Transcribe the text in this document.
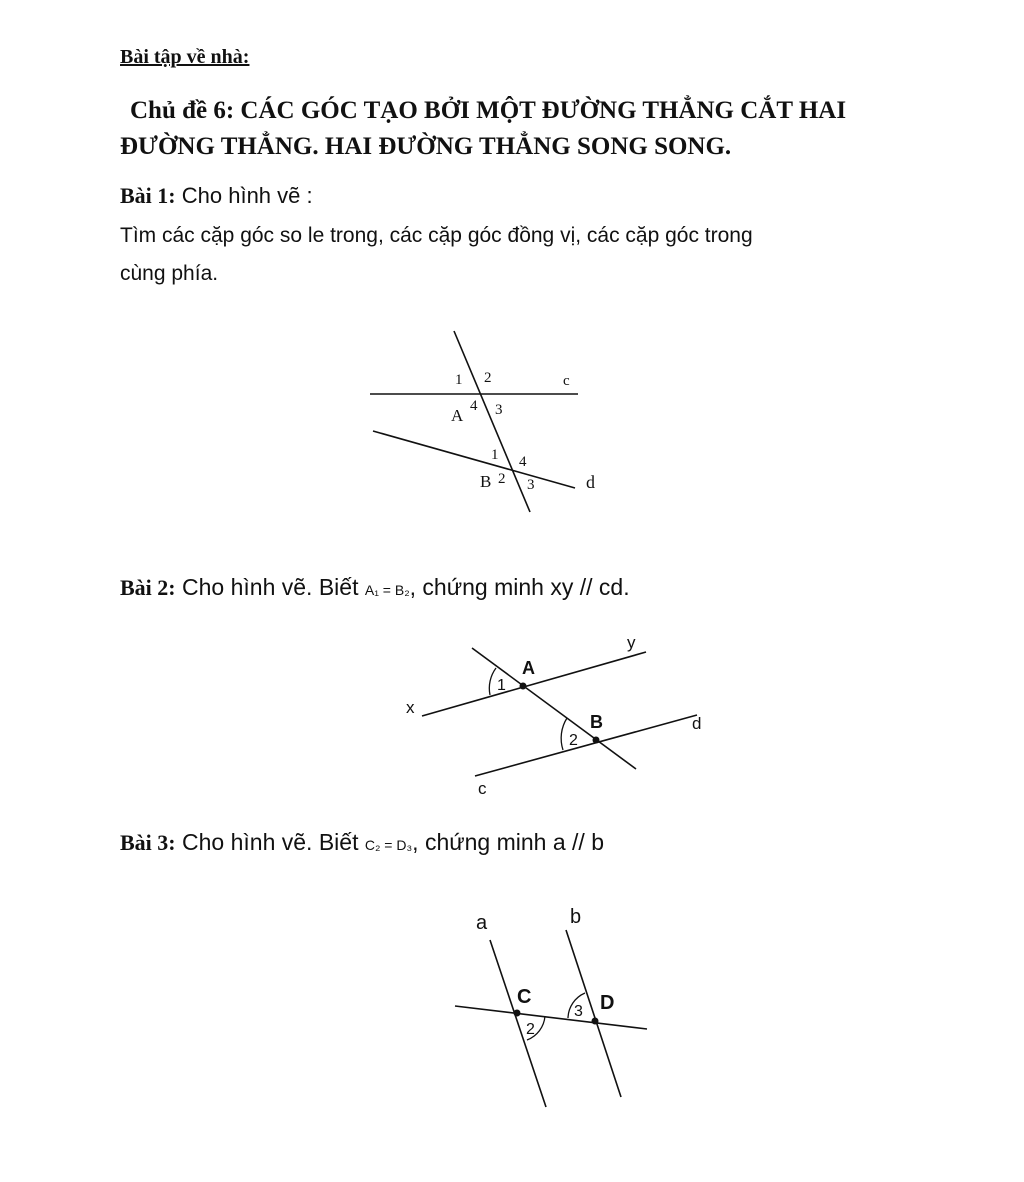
Bài tập về nhà:
Chủ đề 6: CÁC GÓC TẠO BỞI MỘT ĐƯỜNG THẲNG CẮT HAI
ĐƯỜNG THẲNG. HAI ĐƯỜNG THẲNG SONG SONG.
Bài 1: Cho hình vẽ :
Tìm các cặp góc so le trong, các cặp góc đồng vị, các cặp góc trong cùng phía.
Bài 2: Cho hình vẽ. Biết A₁ = B₂, chứng minh xy // cd.
Bài 3: Cho hình vẽ. Biết C₂ = D₃, chứng minh a // b
c
d
A
B
1 2
3
4
1
2 3
4
x
y
c
d
A
B
1
2
a	b
C	D
2
3
